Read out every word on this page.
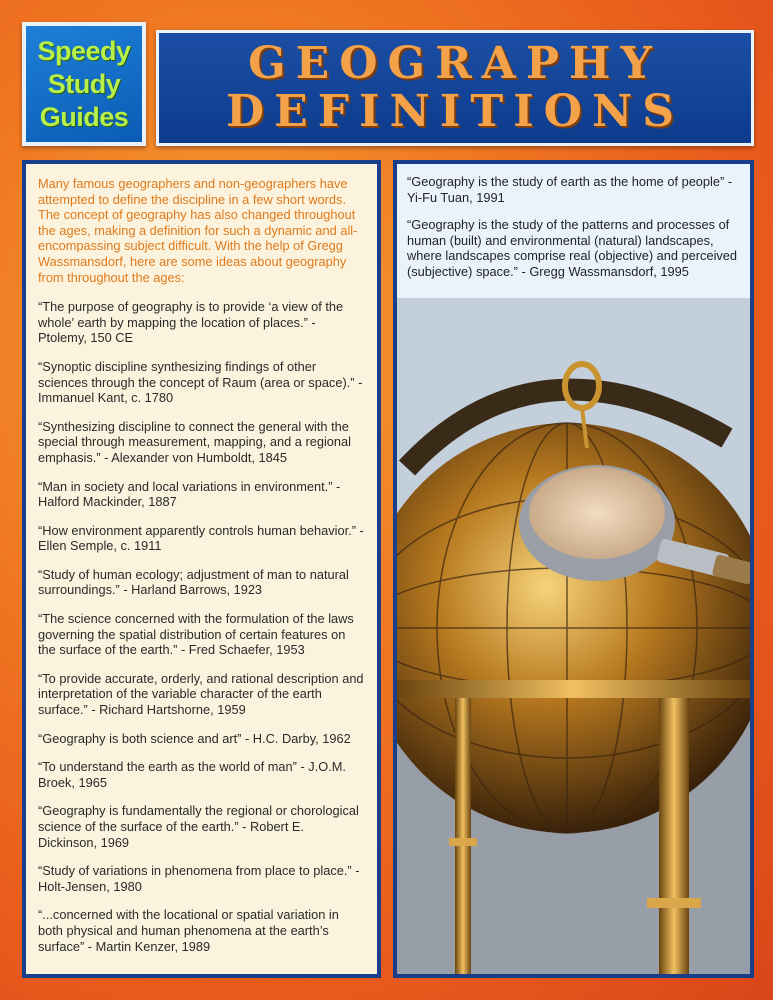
Speedy
Study
Guides
GEOGRAPHY
DEFINITIONS

Many famous geographers and non-geographers have attempted to define the discipline in a few short words. The concept of geography has also changed throughout the ages, making a definition for such a dynamic and all-encompassing subject difficult. With the help of Gregg Wassmansdorf, here are some ideas about geography from throughout the ages:

“The purpose of geography is to provide ‘a view of the whole’ earth by mapping the location of places.” - Ptolemy, 150 CE

“Synoptic discipline synthesizing findings of other sciences through the concept of Raum (area or space).” - Immanuel Kant, c. 1780

“Synthesizing discipline to connect the general with the special through measurement, mapping, and a regional emphasis.” - Alexander von Humboldt, 1845

“Man in society and local variations in environment.” - Halford Mackinder, 1887

“How environment apparently controls human behavior.” - Ellen Semple, c. 1911

“Study of human ecology; adjustment of man to natural surroundings.” - Harland Barrows, 1923

“The science concerned with the formulation of the laws governing the spatial distribution of certain features on the surface of the earth.” - Fred Schaefer, 1953

“To provide accurate, orderly, and rational description and interpretation of the variable character of the earth surface.” - Richard Hartshorne, 1959

“Geography is both science and art” - H.C. Darby, 1962

“To understand the earth as the world of man” - J.O.M. Broek, 1965

“Geography is fundamentally the regional or chorological science of the surface of the earth.” - Robert E. Dickinson, 1969

“Study of variations in phenomena from place to place.” - Holt-Jensen, 1980

“...concerned with the locational or spatial variation in both physical and human phenomena at the earth’s surface” - Martin Kenzer, 1989

“Geography is the study of earth as the home of people” - Yi-Fu Tuan, 1991

“Geography is the study of the patterns and processes of human (built) and environmental (natural) landscapes, where landscapes comprise real (objective) and perceived (subjective) space.” - Gregg Wassmansdorf, 1995
